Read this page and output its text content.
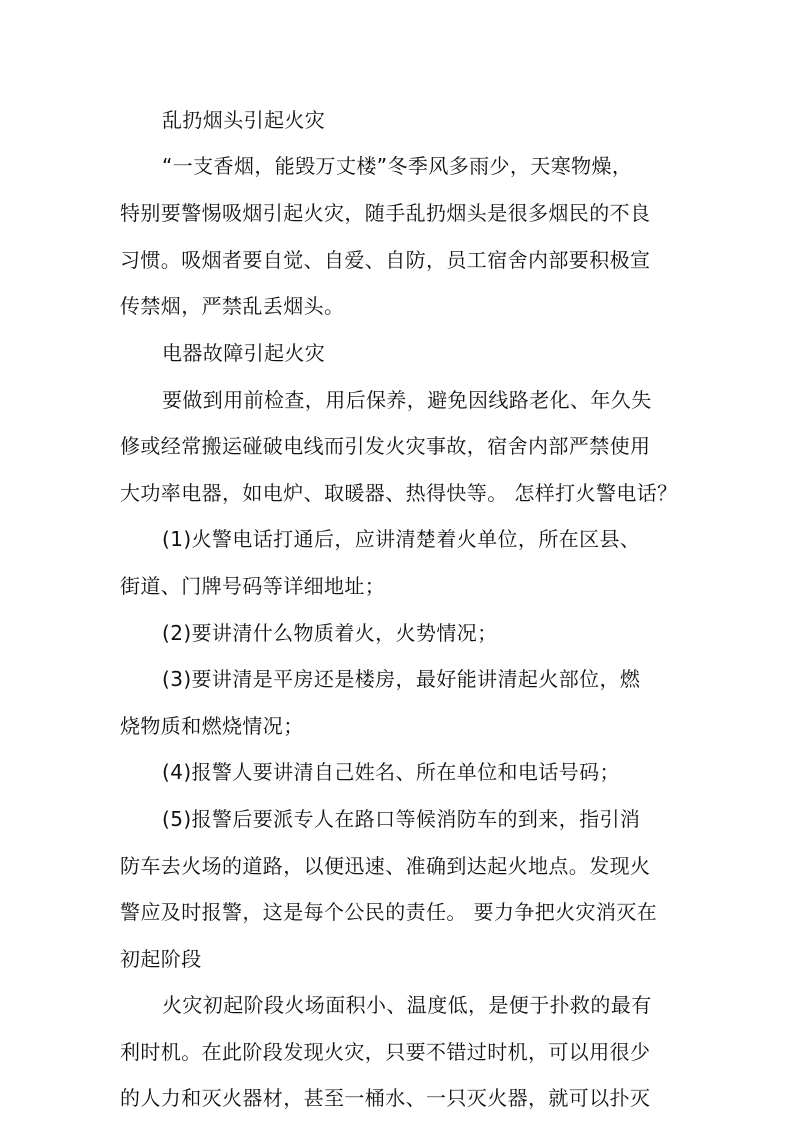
乱扔烟头引起火灾
“一支香烟，能毁万丈楼”冬季风多雨少，天寒物燥，
特别要警惕吸烟引起火灾，随手乱扔烟头是很多烟民的不良
习惯。吸烟者要自觉、自爱、自防，员工宿舍内部要积极宣
传禁烟，严禁乱丢烟头。
电器故障引起火灾
要做到用前检查，用后保养，避免因线路老化、年久失
修或经常搬运碰破电线而引发火灾事故，宿舍内部严禁使用
大功率电器，如电炉、取暖器、热得快等。 怎样打火警电话？
(1)火警电话打通后，应讲清楚着火单位，所在区县、
街道、门牌号码等详细地址；
(2)要讲清什么物质着火，火势情况；
(3)要讲清是平房还是楼房，最好能讲清起火部位，燃
烧物质和燃烧情况；
(4)报警人要讲清自己姓名、所在单位和电话号码；
(5)报警后要派专人在路口等候消防车的到来，指引消
防车去火场的道路，以便迅速、准确到达起火地点。发现火
警应及时报警，这是每个公民的责任。 要力争把火灾消灭在
初起阶段
火灾初起阶段火场面积小、温度低，是便于扑救的最有
利时机。在此阶段发现火灾，只要不错过时机，可以用很少
的人力和灭火器材，甚至一桶水、一只灭火器，就可以扑灭
